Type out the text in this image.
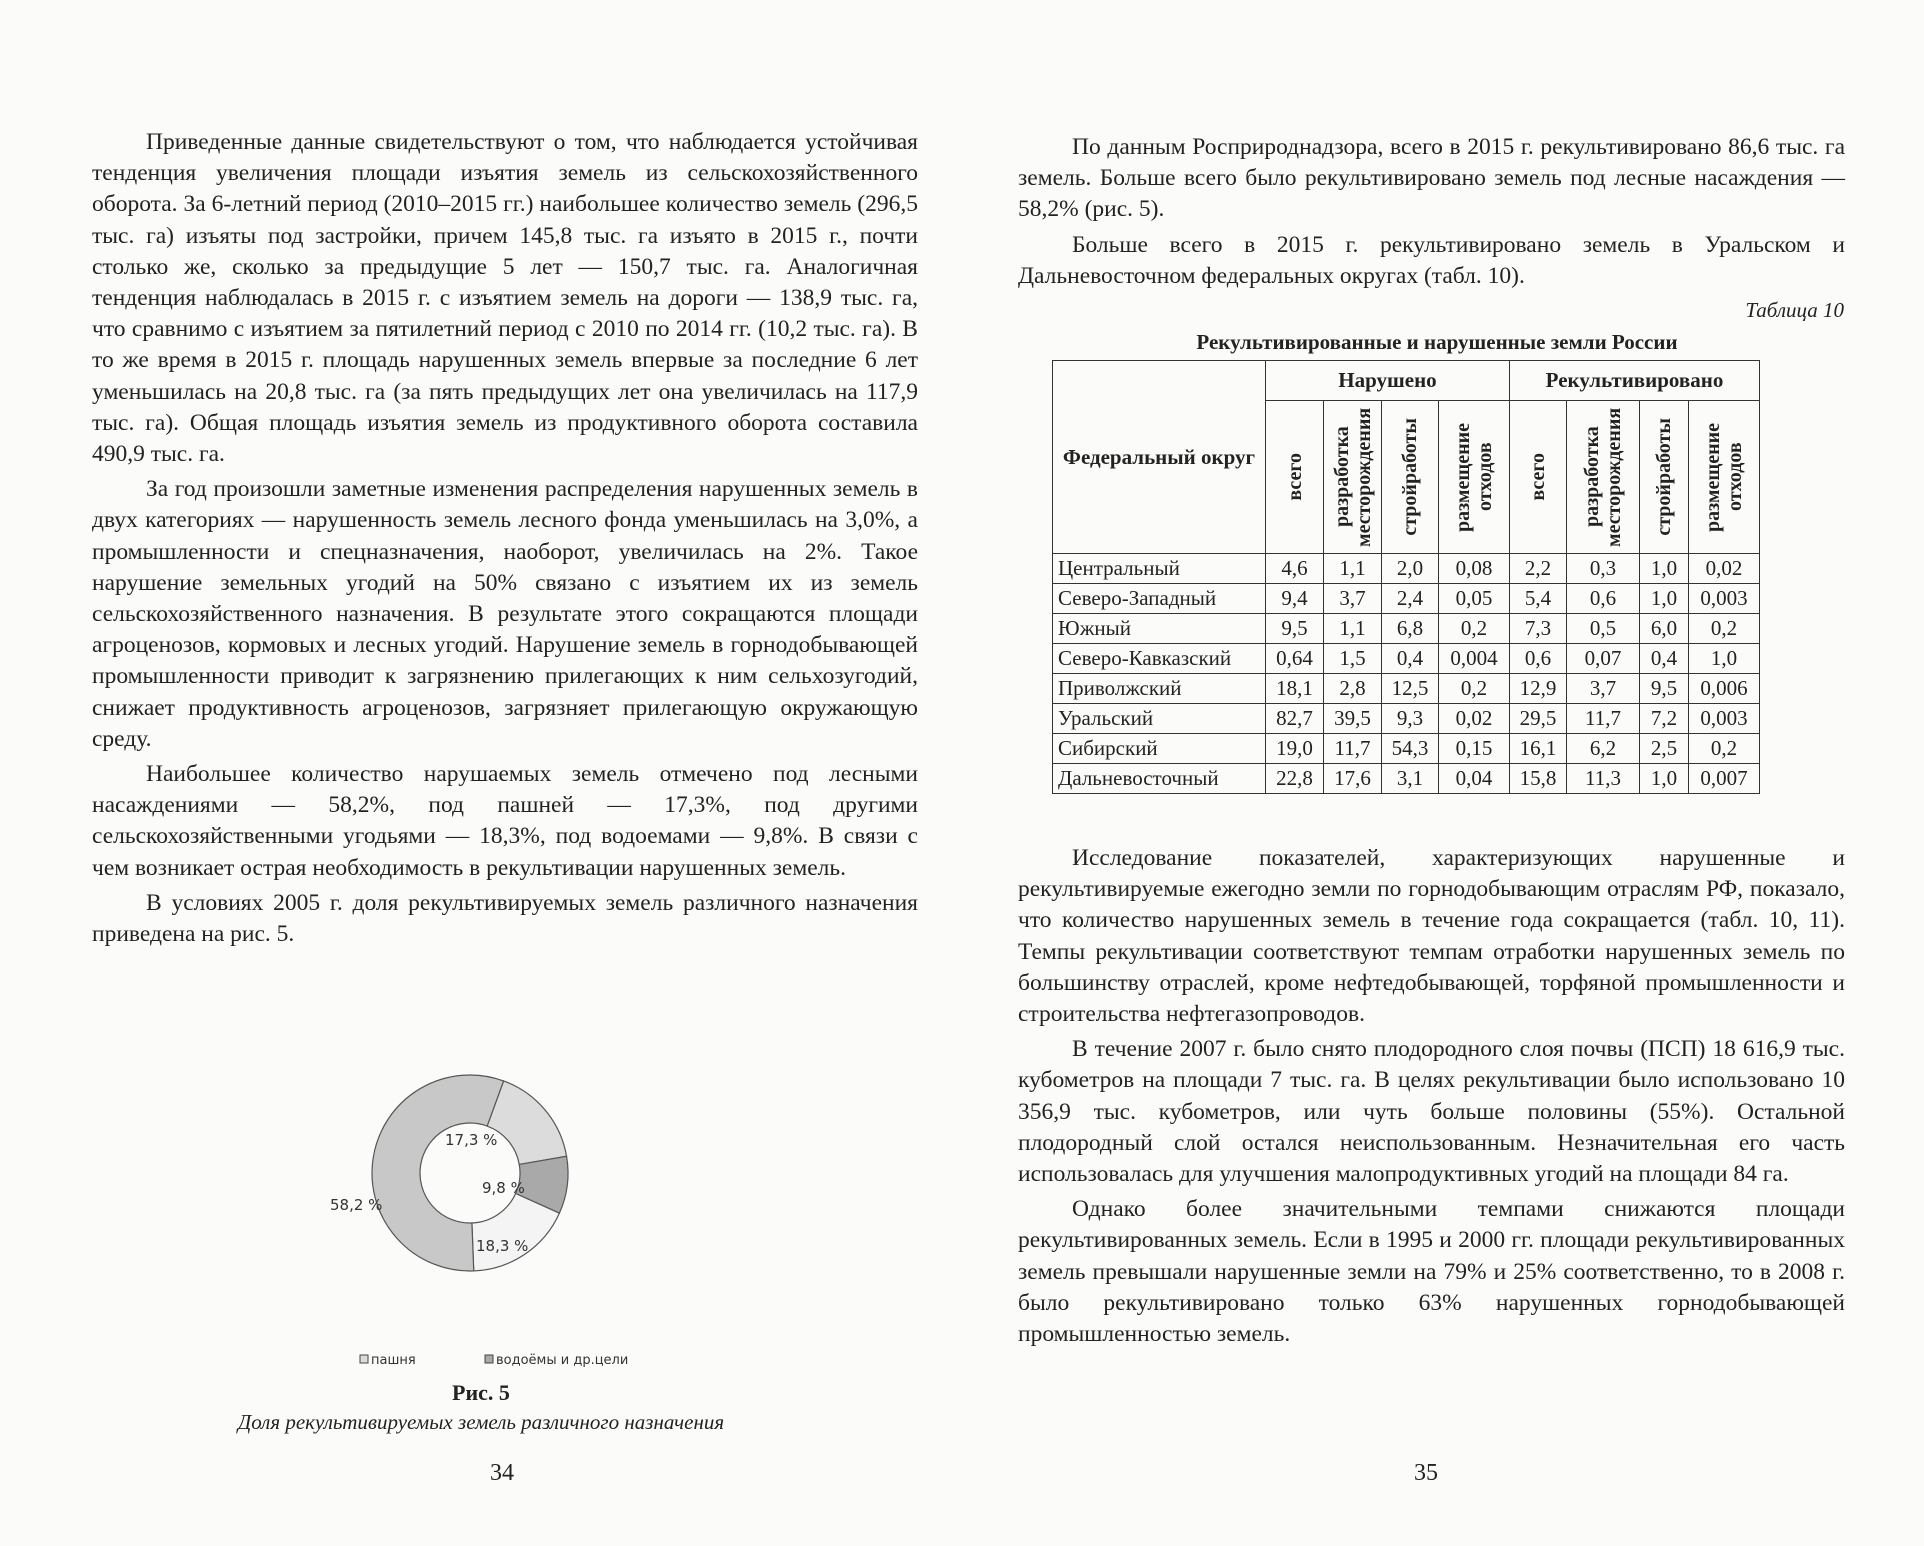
Приведенные данные свидетельствуют о том, что наблюдается устойчивая тенденция увеличения площади изъятия земель из сельскохозяйственного оборота. За 6-летний период (2010–2015 гг.) наибольшее количество земель (296,5 тыс. га) изъяты под застройки, причем 145,8 тыс. га изъято в 2015 г., почти столько же, сколько за предыдущие 5 лет — 150,7 тыс. га. Аналогичная тенденция наблюдалась в 2015 г. с изъятием земель на дороги — 138,9 тыс. га, что сравнимо с изъятием за пятилетний период с 2010 по 2014 гг. (10,2 тыс. га). В то же время в 2015 г. площадь нарушенных земель впервые за последние 6 лет уменьшилась на 20,8 тыс. га (за пять предыдущих лет она увеличилась на 117,9 тыс. га). Общая площадь изъятия земель из продуктивного оборота составила 490,9 тыс. га.

За год произошли заметные изменения распределения нарушенных земель в двух категориях — нарушенность земель лесного фонда уменьшилась на 3,0%, а промышленности и спецназначения, наоборот, увеличилась на 2%. Такое нарушение земельных угодий на 50% связано с изъятием их из земель сельскохозяйственного назначения. В результате этого сокращаются площади агроценозов, кормовых и лесных угодий. Нарушение земель в горнодобывающей промышленности приводит к загрязнению прилегающих к ним сельхозугодий, снижает продуктивность агроценозов, загрязняет прилегающую окружающую среду.

Наибольшее количество нарушаемых земель отмечено под лесными насаждениями — 58,2%, под пашней — 17,3%, под другими сельскохозяйственными угодьями — 18,3%, под водоемами — 9,8%. В связи с чем возникает острая необходимость в рекультивации нарушенных земель.

В условиях 2005 г. доля рекультивируемых земель различного назначения приведена на рис. 5.

17,3 %
9,8 %
18,3 %
58,2 %
пашня	водоёмы и др.цели
Рис. 5
Доля рекультивируемых земель различного назначения
34

По данным Росприроднадзора, всего в 2015 г. рекультивировано 86,6 тыс. га земель. Больше всего было рекультивировано земель под лесные насаждения — 58,2% (рис. 5).

Больше всего в 2015 г. рекультивировано земель в Уральском и Дальневосточном федеральных округах (табл. 10).

Таблица 10
Рекультивированные и нарушенные земли России
Федеральный округ	Нарушено				Рекультивировано			

	всего	разработка месторождения	стройработы	размещение отходов	всего	разработка месторождения	стройработы	размещение отходов

Центральный	4,6	1,1	2,0	0,08	2,2	0,3	1,0	0,02
Северо-Западный	9,4	3,7	2,4	0,05	5,4	0,6	1,0	0,003
Южный	9,5	1,1	6,8	0,2	7,3	0,5	6,0	0,2
Северо-Кавказский	0,64	1,5	0,4	0,004	0,6	0,07	0,4	1,0
Приволжский	18,1	2,8	12,5	0,2	12,9	3,7	9,5	0,006
Уральский	82,7	39,5	9,3	0,02	29,5	11,7	7,2	0,003
Сибирский	19,0	11,7	54,3	0,15	16,1	6,2	2,5	0,2
Дальневосточный	22,8	17,6	3,1	0,04	15,8	11,3	1,0	0,007

Исследование показателей, характеризующих нарушенные и рекультивируемые ежегодно земли по горнодобывающим отраслям РФ, показало, что количество нарушенных земель в течение года сокращается (табл. 10, 11). Темпы рекультивации соответствуют темпам отработки нарушенных земель по большинству отраслей, кроме нефтедобывающей, торфяной промышленности и строительства нефтегазопроводов.

В течение 2007 г. было снято плодородного слоя почвы (ПСП) 18 616,9 тыс. кубометров на площади 7 тыс. га. В целях рекультивации было использовано 10 356,9 тыс. кубометров, или чуть больше половины (55%). Остальной плодородный слой остался неиспользованным. Незначительная его часть использовалась для улучшения малопродуктивных угодий на площади 84 га.

Однако более значительными темпами снижаются площади рекультивированных земель. Если в 1995 и 2000 гг. площади рекультивированных земель превышали нарушенные земли на 79% и 25% соответственно, то в 2008 г. было рекультивировано только 63% нарушенных горнодобывающей промышленностью земель.

35
